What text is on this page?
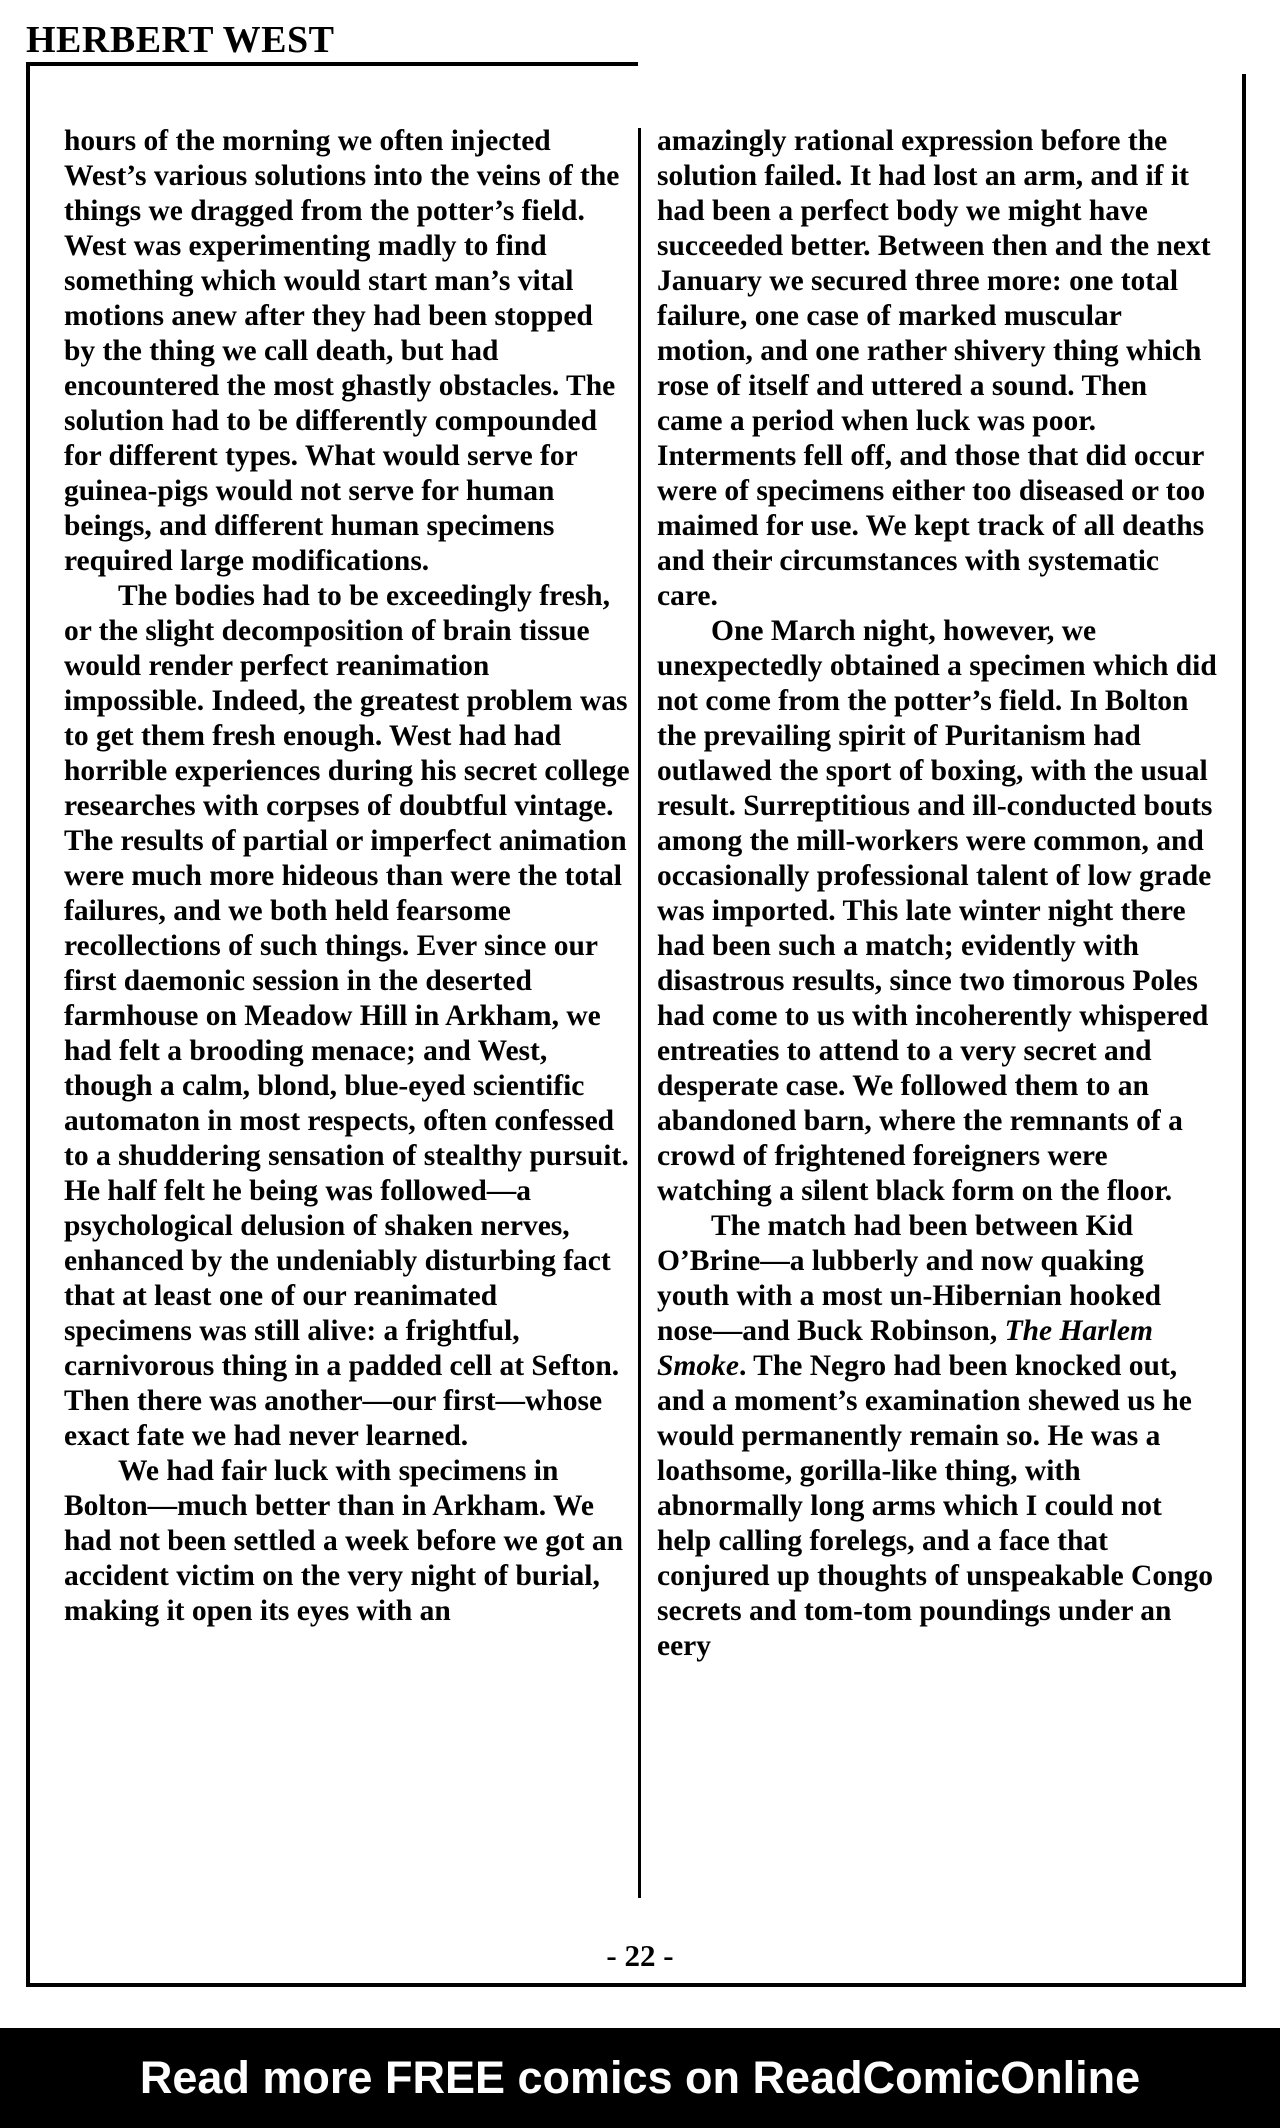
HERBERT WEST

hours of the morning we often injected West’s various solutions into the veins of the things we dragged from the potter’s field. West was experimenting madly to find something which would start man’s vital motions anew after they had been stopped by the thing we call death, but had encountered the most ghastly obstacles. The solution had to be differently compounded for different types. What would serve for guinea-pigs would not serve for human beings, and different human specimens required large modifications.

The bodies had to be exceedingly fresh, or the slight decomposition of brain tissue would render perfect reanimation impossible. Indeed, the greatest problem was to get them fresh enough. West had had horrible experiences during his secret college researches with corpses of doubtful vintage. The results of partial or imperfect animation were much more hideous than were the total failures, and we both held fearsome recollections of such things. Ever since our first daemonic session in the deserted farmhouse on Meadow Hill in Arkham, we had felt a brooding menace; and West, though a calm, blond, blue-eyed scientific automaton in most respects, often confessed to a shuddering sensation of stealthy pursuit. He half felt he being was followed—a psychological delusion of shaken nerves, enhanced by the undeniably disturbing fact that at least one of our reanimated specimens was still alive: a frightful, carnivorous thing in a padded cell at Sefton. Then there was another—our first—whose exact fate we had never learned.

We had fair luck with specimens in Bolton—much better than in Arkham. We had not been settled a week before we got an accident victim on the very night of burial, making it open its eyes with an

amazingly rational expression before the solution failed. It had lost an arm, and if it had been a perfect body we might have succeeded better. Between then and the next January we secured three more: one total failure, one case of marked muscular motion, and one rather shivery thing which rose of itself and uttered a sound. Then came a period when luck was poor. Interments fell off, and those that did occur were of specimens either too diseased or too maimed for use. We kept track of all deaths and their circumstances with systematic care.

One March night, however, we unexpectedly obtained a specimen which did not come from the potter’s field. In Bolton the prevailing spirit of Puritanism had outlawed the sport of boxing, with the usual result. Surreptitious and ill-conducted bouts among the mill-workers were common, and occasionally professional talent of low grade was imported. This late winter night there had been such a match; evidently with disastrous results, since two timorous Poles had come to us with incoherently whispered entreaties to attend to a very secret and desperate case. We followed them to an abandoned barn, where the remnants of a crowd of frightened foreigners were watching a silent black form on the floor.

The match had been between Kid O’Brine—a lubberly and now quaking youth with a most un-Hibernian hooked nose—and Buck Robinson, The Harlem Smoke. The Negro had been knocked out, and a moment’s examination shewed us he would permanently remain so. He was a loathsome, gorilla-like thing, with abnormally long arms which I could not help calling forelegs, and a face that conjured up thoughts of unspeakable Congo secrets and tom-tom poundings under an eery

- 22 -
Read more FREE comics on ReadComicOnline
